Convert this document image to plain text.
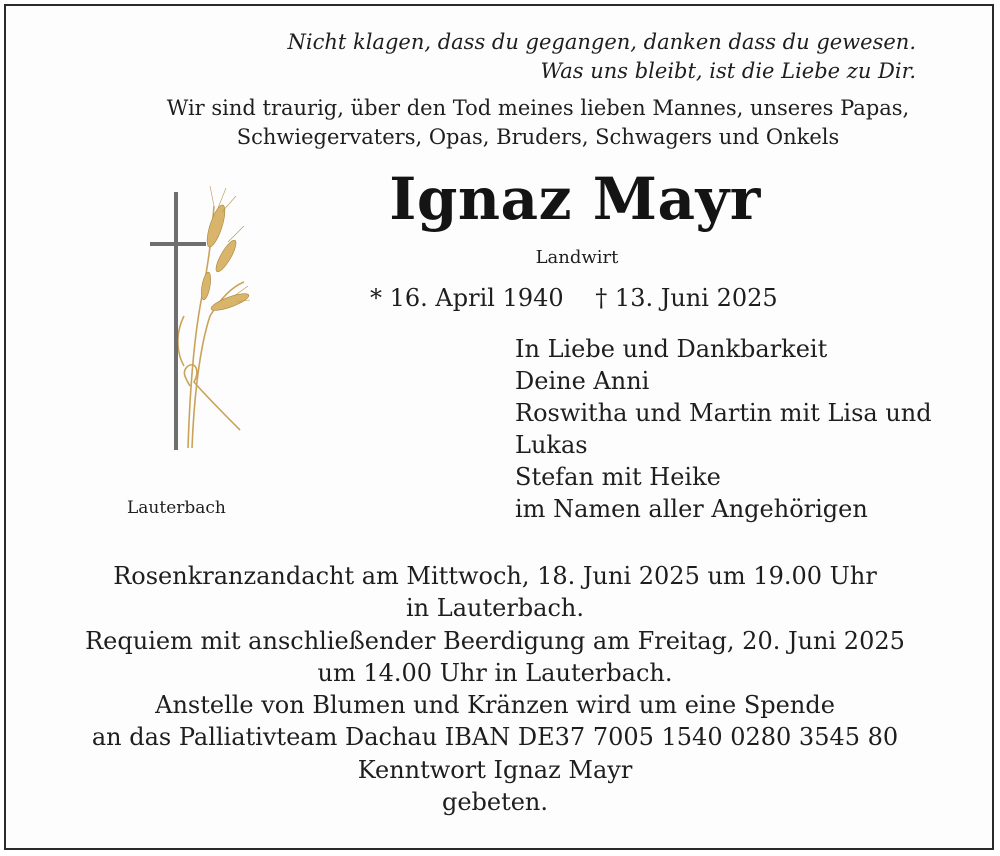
Nicht klagen, dass du gegangen, danken dass du gewesen.
Was uns bleibt, ist die Liebe zu Dir.
Wir sind traurig, über den Tod meines lieben Mannes, unseres Papas,
Schwiegervaters, Opas, Bruders, Schwagers und Onkels
Ignaz Mayr
Landwirt
* 16. April 1940 † 13. Juni 2025
In Liebe und Dankbarkeit
Deine Anni
Roswitha und Martin mit Lisa und
Lukas
Stefan mit Heike
im Namen aller Angehörigen
Lauterbach
Rosenkranzandacht am Mittwoch, 18. Juni 2025 um 19.00 Uhr
in Lauterbach.
Requiem mit anschließender Beerdigung am Freitag, 20. Juni 2025
um 14.00 Uhr in Lauterbach.
Anstelle von Blumen und Kränzen wird um eine Spende
an das Palliativteam Dachau IBAN DE37 7005 1540 0280 3545 80
Kenntwort Ignaz Mayr
gebeten.
